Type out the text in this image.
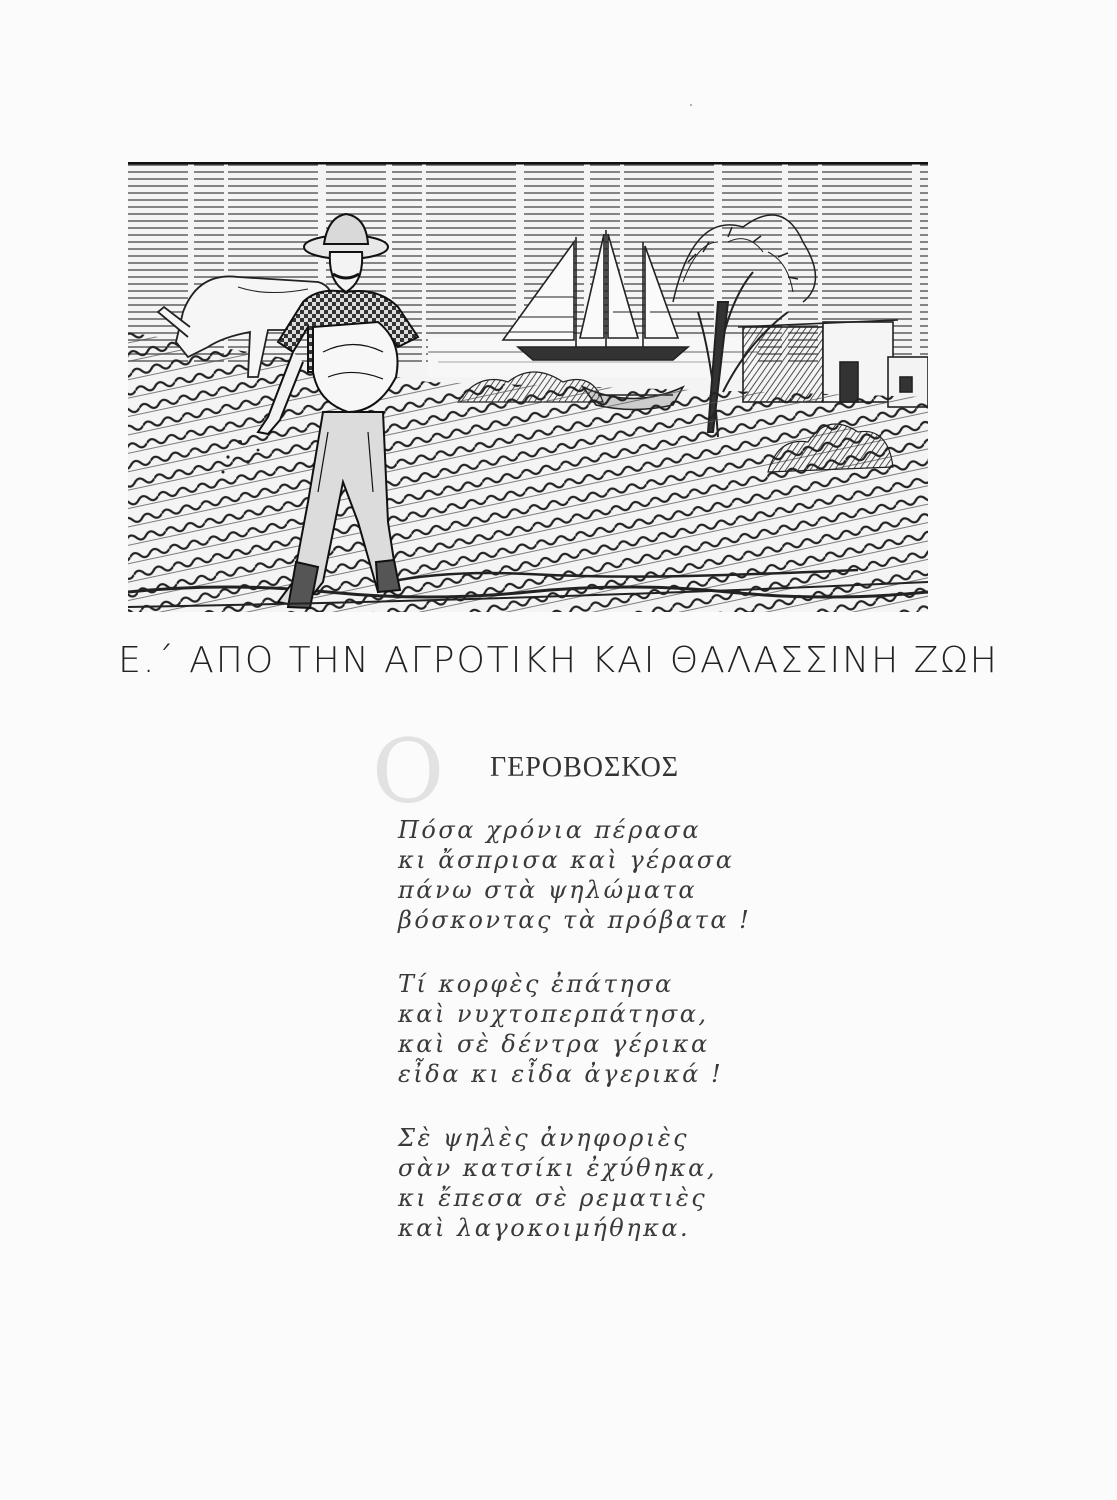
Ε.΄ ΑΠΟ ΤΗΝ ΑΓΡΟΤΙΚΗ ΚΑΙ ΘΑΛΑΣΣΙΝΗ ΖΩΗ
Ο ΓΕΡΟΒΟΣΚΟΣ
Πόσα χρόνια πέρασα
κι ἄσπρισα καὶ γέρασα
πάνω στὰ ψηλώματα
βόσκοντας τὰ πρόβατα !
Τί κορφὲς ἐπάτησα
καὶ νυχτοπερπάτησα,
καὶ σὲ δέντρα γέρικα
εἶδα κι εἶδα ἀγερικά !
Σὲ ψηλὲς ἀνηφοριὲς
σὰν κατσίκι ἐχύθηκα,
κι ἔπεσα σὲ ρεματιὲς
καὶ λαγοκοιμήθηκα.
